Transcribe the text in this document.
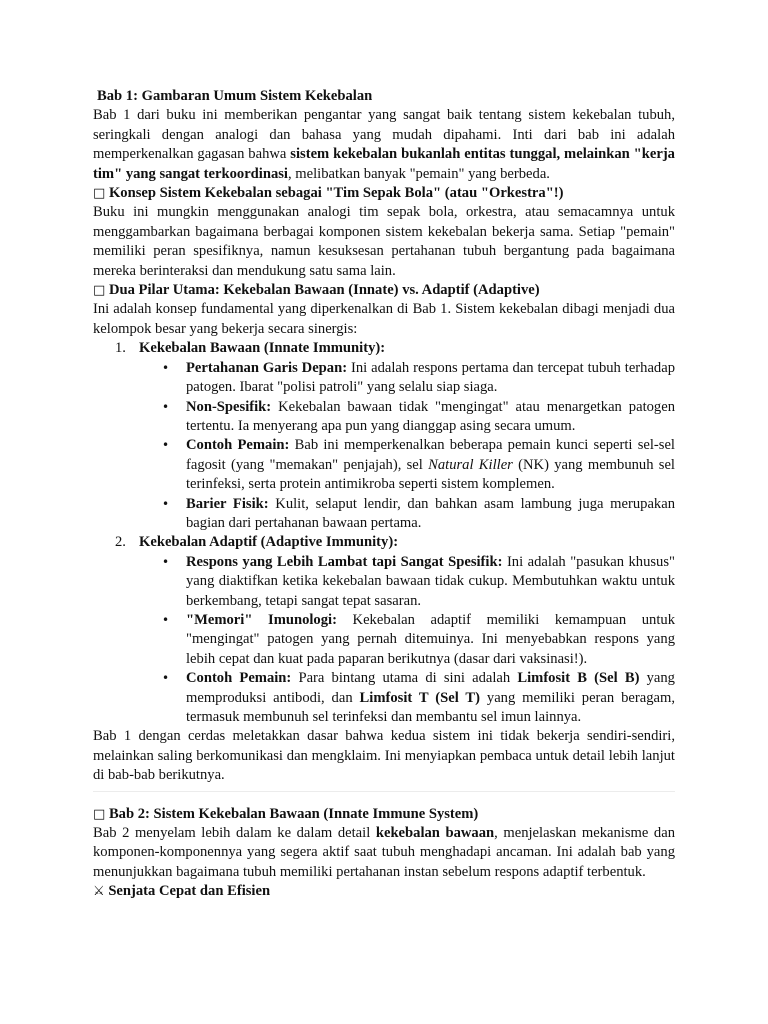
Bab 1: Gambaran Umum Sistem Kekebalan

Bab 1 dari buku ini memberikan pengantar yang sangat baik tentang sistem kekebalan tubuh, seringkali dengan analogi dan bahasa yang mudah dipahami. Inti dari bab ini adalah memperkenalkan gagasan bahwa sistem kekebalan bukanlah entitas tunggal, melainkan "kerja tim" yang sangat terkoordinasi, melibatkan banyak "pemain" yang berbeda.

□ Konsep Sistem Kekebalan sebagai "Tim Sepak Bola" (atau "Orkestra"!)

Buku ini mungkin menggunakan analogi tim sepak bola, orkestra, atau semacamnya untuk menggambarkan bagaimana berbagai komponen sistem kekebalan bekerja sama. Setiap "pemain" memiliki peran spesifiknya, namun kesuksesan pertahanan tubuh bergantung pada bagaimana mereka berinteraksi dan mendukung satu sama lain.

□ Dua Pilar Utama: Kekebalan Bawaan (Innate) vs. Adaptif (Adaptive)

Ini adalah konsep fundamental yang diperkenalkan di Bab 1. Sistem kekebalan dibagi menjadi dua kelompok besar yang bekerja secara sinergis:

1. Kekebalan Bawaan (Innate Immunity):
• Pertahanan Garis Depan: Ini adalah respons pertama dan tercepat tubuh terhadap patogen. Ibarat "polisi patroli" yang selalu siap siaga.
• Non-Spesifik: Kekebalan bawaan tidak "mengingat" atau menargetkan patogen tertentu. Ia menyerang apa pun yang dianggap asing secara umum.
• Contoh Pemain: Bab ini memperkenalkan beberapa pemain kunci seperti sel-sel fagosit (yang "memakan" penjajah), sel Natural Killer (NK) yang membunuh sel terinfeksi, serta protein antimikroba seperti sistem komplemen.
• Barier Fisik: Kulit, selaput lendir, dan bahkan asam lambung juga merupakan bagian dari pertahanan bawaan pertama.
2. Kekebalan Adaptif (Adaptive Immunity):
• Respons yang Lebih Lambat tapi Sangat Spesifik: Ini adalah "pasukan khusus" yang diaktifkan ketika kekebalan bawaan tidak cukup. Membutuhkan waktu untuk berkembang, tetapi sangat tepat sasaran.
• "Memori" Imunologi: Kekebalan adaptif memiliki kemampuan untuk "mengingat" patogen yang pernah ditemuinya. Ini menyebabkan respons yang lebih cepat dan kuat pada paparan berikutnya (dasar dari vaksinasi!).
• Contoh Pemain: Para bintang utama di sini adalah Limfosit B (Sel B) yang memproduksi antibodi, dan Limfosit T (Sel T) yang memiliki peran beragam, termasuk membunuh sel terinfeksi dan membantu sel imun lainnya.

Bab 1 dengan cerdas meletakkan dasar bahwa kedua sistem ini tidak bekerja sendiri-sendiri, melainkan saling berkomunikasi dan mengklaim. Ini menyiapkan pembaca untuk detail lebih lanjut di bab-bab berikutnya.

□ Bab 2: Sistem Kekebalan Bawaan (Innate Immune System)

Bab 2 menyelam lebih dalam ke dalam detail kekebalan bawaan, menjelaskan mekanisme dan komponen-komponennya yang segera aktif saat tubuh menghadapi ancaman. Ini adalah bab yang menunjukkan bagaimana tubuh memiliki pertahanan instan sebelum respons adaptif terbentuk.

⚔ Senjata Cepat dan Efisien
